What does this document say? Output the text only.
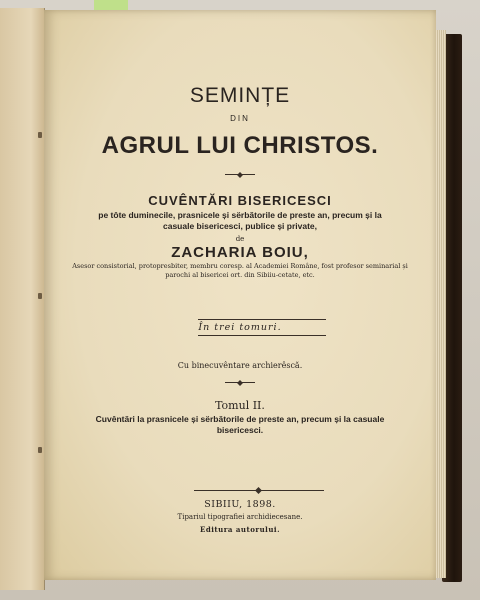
SEMINȚE
DIN
AGRUL LUI CHRISTOS.
CUVÊNTĂRI BISERICESCI
pe tôte duminecile, prasnicele și sërbătorile de preste an, precum și la casuale bisericesci, publice și private,
de
ZACHARIA BOIU,
Asesor consistorial, protopresbiter, membru coresp. al Academiei Române, fost profesor seminarial și parochi al bisericei ort. din Sibiiu-cetate, etc.
În trei tomuri.
Cu binecuvêntare archierêscă.
Tomul II.
Cuvêntări la prasnicele și sërbătorile de preste an, precum și la casuale bisericesci.
SIBIIU, 1898.
Tipariul tipografiei archidiecesane.
Editura autorului.
